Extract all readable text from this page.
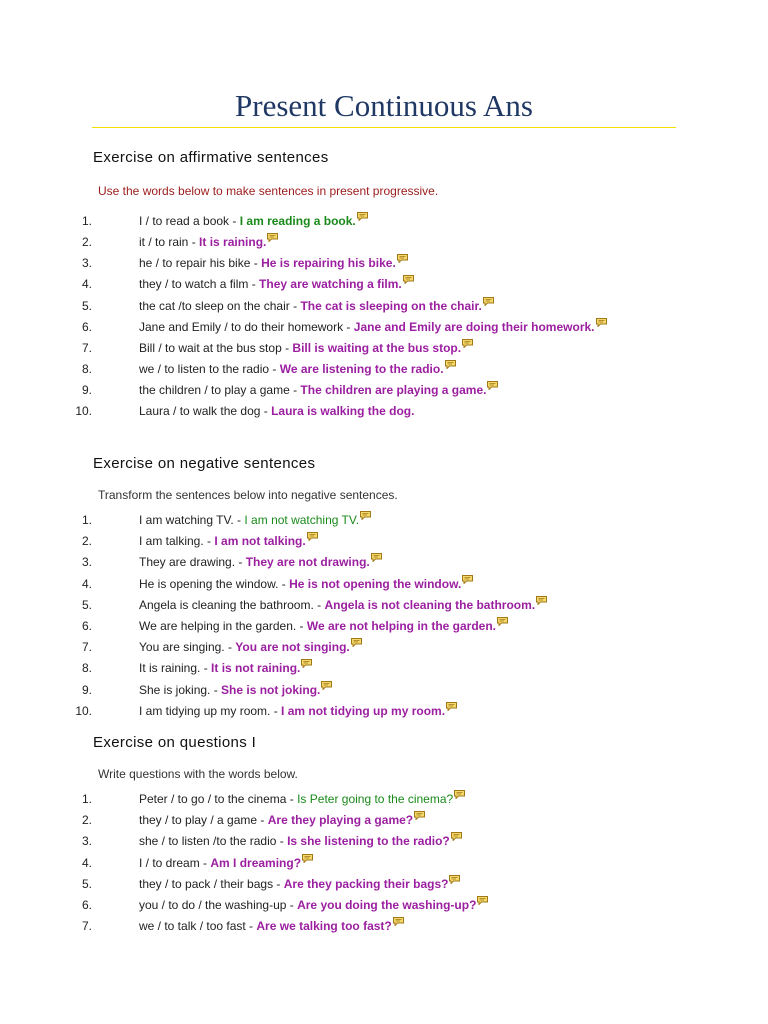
Present Continuous Ans
Exercise on affirmative sentences
Use the words below to make sentences in present progressive.
1.	I / to read a book - I am reading a book.
2.	it / to rain - It is raining.
3.	he / to repair his bike - He is repairing his bike.
4.	they / to watch a film - They are watching a film.
5.	the cat /to sleep on the chair - The cat is sleeping on the chair.
6.	Jane and Emily / to do their homework - Jane and Emily are doing their homework.
7.	Bill / to wait at the bus stop - Bill is waiting at the bus stop.
8.	we / to listen to the radio - We are listening to the radio.
9.	the children / to play a game - The children are playing a game.
10.	Laura / to walk the dog - Laura is walking the dog.
Exercise on negative sentences
Transform the sentences below into negative sentences.
1.	I am watching TV. - I am not watching TV.
2.	I am talking. - I am not talking.
3.	They are drawing. - They are not drawing.
4.	He is opening the window. - He is not opening the window.
5.	Angela is cleaning the bathroom. - Angela is not cleaning the bathroom.
6.	We are helping in the garden. - We are not helping in the garden.
7.	You are singing. - You are not singing.
8.	It is raining. - It is not raining.
9.	She is joking. - She is not joking.
10.	I am tidying up my room. - I am not tidying up my room.
Exercise on questions I
Write questions with the words below.
1.	Peter / to go / to the cinema - Is Peter going to the cinema?
2.	they / to play / a game - Are they playing a game?
3.	she / to listen /to the radio - Is she listening to the radio?
4.	I / to dream - Am I dreaming?
5.	they / to pack / their bags - Are they packing their bags?
6.	you / to do / the washing-up - Are you doing the washing-up?
7.	we / to talk / too fast - Are we talking too fast?
